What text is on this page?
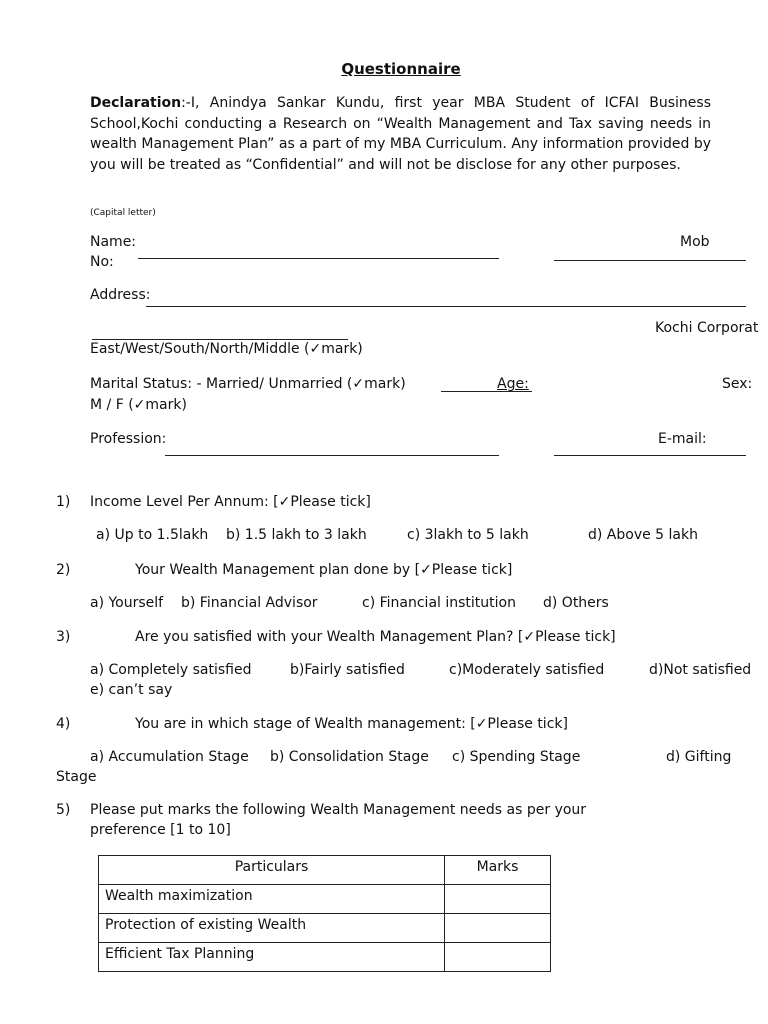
Questionnaire
Declaration:-I, Anindya Sankar Kundu, first year MBA Student of ICFAI Business School,Kochi conducting a Research on “Wealth Management and Tax saving needs in wealth Management Plan” as a part of my MBA Curriculum. Any information provided by you will be treated as “Confidential” and will not be disclose for any other purposes.
(Capital letter)
Name:	Mob
No:
Address:
Kochi Corporat
East/West/South/North/Middle (✓mark)
Marital Status: - Married/ Unmarried (✓mark)	Age:	Sex:
M / F (✓mark)
Profession:	E-mail:
1) Income Level Per Annum: [✓Please tick]
a) Up to 1.5lakh b) 1.5 lakh to 3 lakh	c) 3lakh to 5 lakh	d) Above 5 lakh
2)	Your Wealth Management plan done by [✓Please tick]
a) Yourself b) Financial Advisor	c) Financial institution d) Others
3)	Are you satisfied with your Wealth Management Plan? [✓Please tick]
a) Completely satisfied	b)Fairly satisfied	c)Moderately satisfied	d)Not satisfied
e) can’t say
4)	You are in which stage of Wealth management: [✓Please tick]
a) Accumulation Stage b) Consolidation Stage c) Spending Stage	d) Gifting
Stage
5) Please put marks the following Wealth Management needs as per your
preference [1 to 10]
Particulars	Marks
Wealth maximization	
Protection of existing Wealth	
Efficient Tax Planning	
